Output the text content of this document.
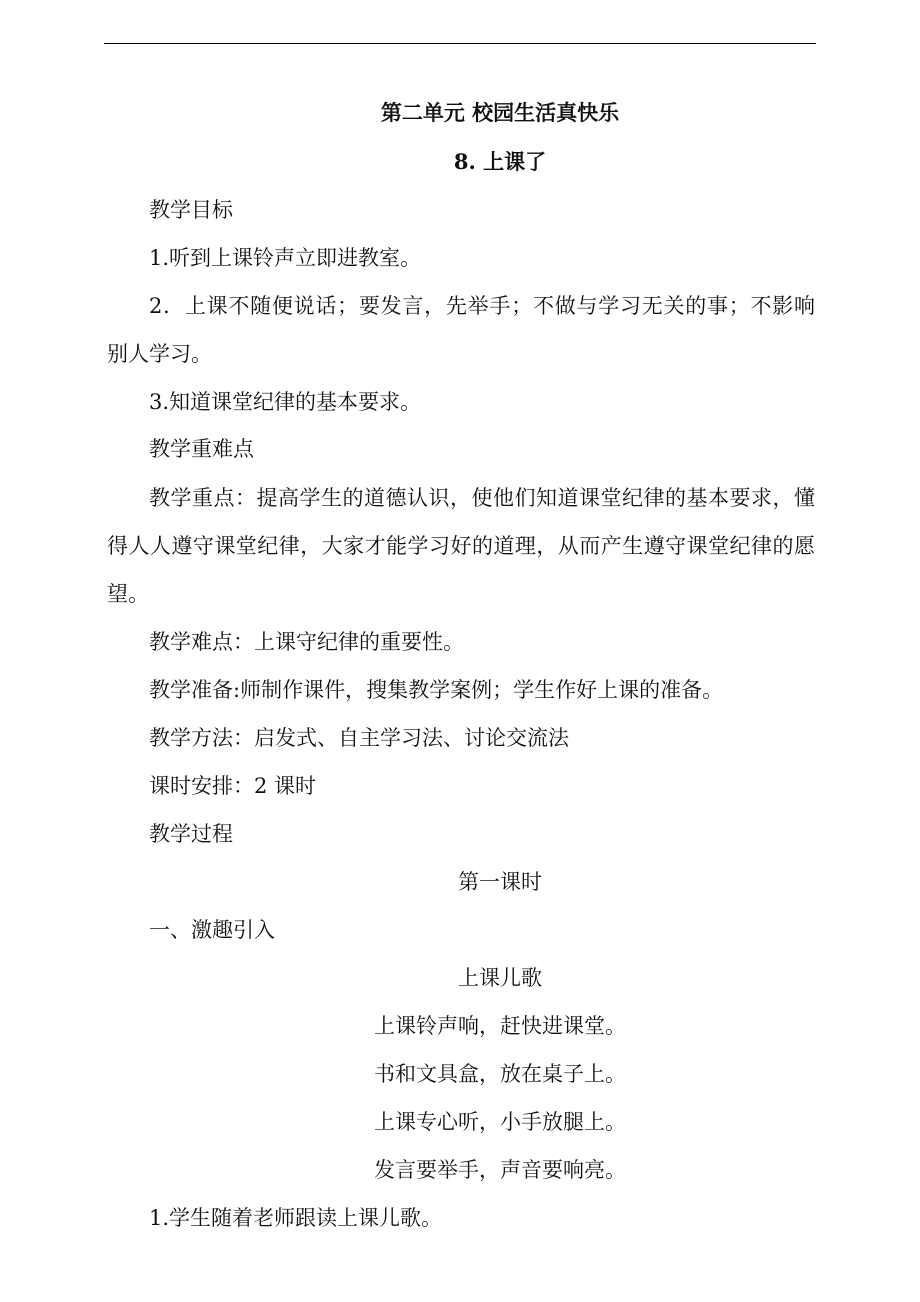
第二单元 校园生活真快乐
8. 上课了
教学目标
1.听到上课铃声立即进教室。
2．上课不随便说话；要发言，先举手；不做与学习无关的事；不影响
别人学习。
3.知道课堂纪律的基本要求。
教学重难点
教学重点：提高学生的道德认识，使他们知道课堂纪律的基本要求，懂
得人人遵守课堂纪律，大家才能学习好的道理，从而产生遵守课堂纪律的愿
望。
教学难点：上课守纪律的重要性。
教学准备:师制作课件，搜集教学案例；学生作好上课的准备。
教学方法：启发式、自主学习法、讨论交流法
课时安排：2 课时
教学过程
第一课时
一、激趣引入
上课儿歌
上课铃声响，赶快进课堂。
书和文具盒，放在桌子上。
上课专心听，小手放腿上。
发言要举手，声音要响亮。
1.学生随着老师跟读上课儿歌。
